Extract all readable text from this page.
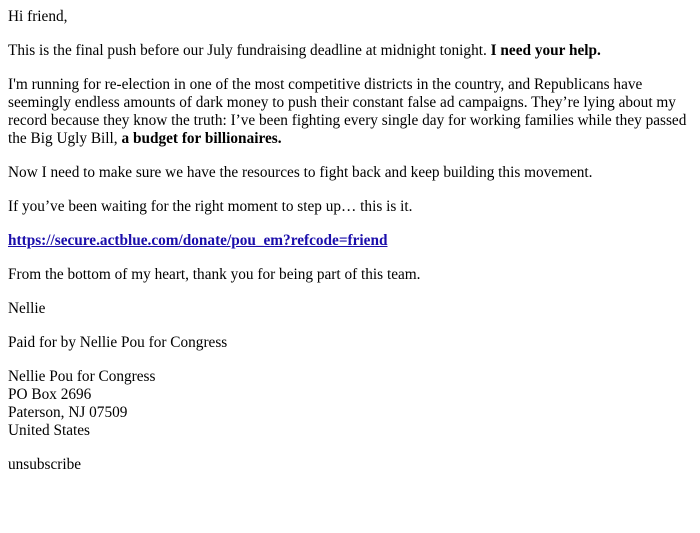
Hi friend,

This is the final push before our July fundraising deadline at midnight tonight. I need your help.

I'm running for re-election in one of the most competitive districts in the country, and Republicans have seemingly endless amounts of dark money to push their constant false ad campaigns. They’re lying about my record because they know the truth: I’ve been fighting every single day for working families while they passed the Big Ugly Bill, a budget for billionaires.

Now I need to make sure we have the resources to fight back and keep building this movement.

If you’ve been waiting for the right moment to step up… this is it.

https://secure.actblue.com/donate/pou_em?refcode=friend

From the bottom of my heart, thank you for being part of this team.

Nellie

Paid for by Nellie Pou for Congress

Nellie Pou for Congress
PO Box 2696
Paterson, NJ 07509
United States

unsubscribe
